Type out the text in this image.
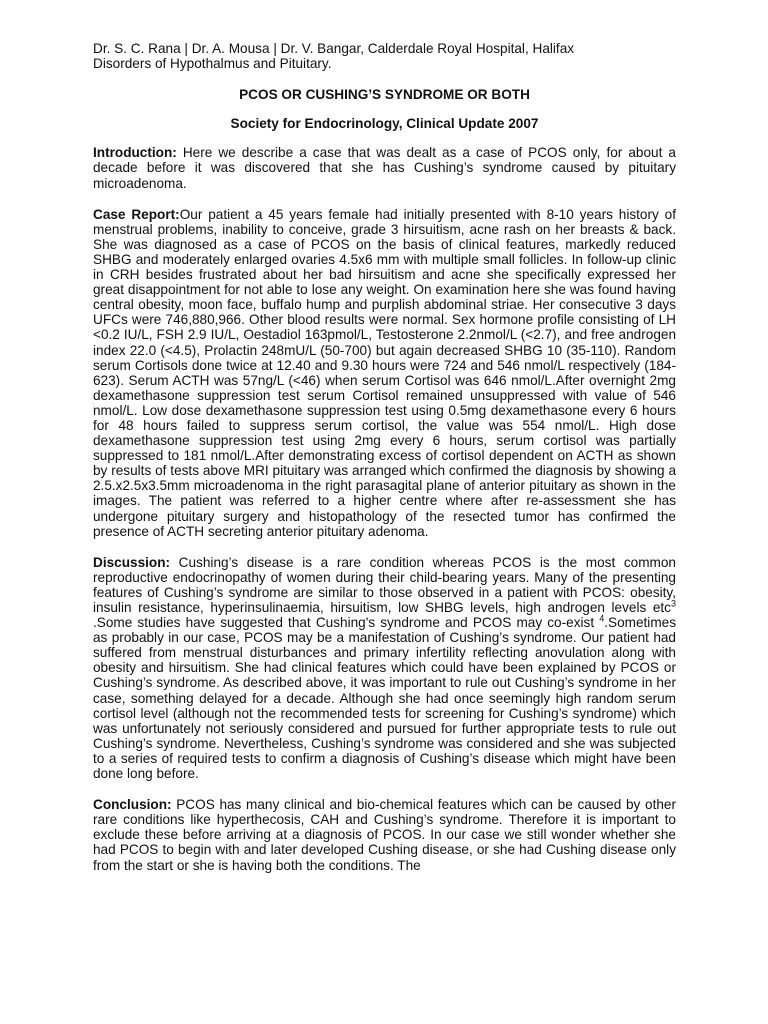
Dr. S. C. Rana | Dr. A. Mousa | Dr. V. Bangar, Calderdale Royal Hospital, Halifax

Disorders of Hypothalmus and Pituitary.

PCOS OR CUSHING’S SYNDROME OR BOTH

Society for Endocrinology, Clinical Update 2007

Introduction: Here we describe a case that was dealt as a case of PCOS only, for about a decade before it was discovered that she has Cushing’s syndrome caused by pituitary microadenoma.

Case Report:Our patient a 45 years female had initially presented with 8-10 years history of menstrual problems, inability to conceive, grade 3 hirsuitism, acne rash on her breasts & back. She was diagnosed as a case of PCOS on the basis of clinical features, markedly reduced SHBG and moderately enlarged ovaries 4.5x6 mm with multiple small follicles. In follow-up clinic in CRH besides frustrated about her bad hirsuitism and acne she specifically expressed her great disappointment for not able to lose any weight. On examination here she was found having central obesity, moon face, buffalo hump and purplish abdominal striae. Her consecutive 3 days UFCs were 746,880,966. Other blood results were normal. Sex hormone profile consisting of LH <0.2 IU/L, FSH 2.9 IU/L, Oestadiol 163pmol/L, Testosterone 2.2nmol/L (<2.7), and free androgen index 22.0 (<4.5), Prolactin 248mU/L (50-700) but again decreased SHBG 10 (35-110). Random serum Cortisols done twice at 12.40 and 9.30 hours were 724 and 546 nmol/L respectively (184-623). Serum ACTH was 57ng/L (<46) when serum Cortisol was 646 nmol/L.After overnight 2mg dexamethasone suppression test serum Cortisol remained unsuppressed with value of 546 nmol/L. Low dose dexamethasone suppression test using 0.5mg dexamethasone every 6 hours for 48 hours failed to suppress serum cortisol, the value was 554 nmol/L. High dose dexamethasone suppression test using 2mg every 6 hours, serum cortisol was partially suppressed to 181 nmol/L.After demonstrating excess of cortisol dependent on ACTH as shown by results of tests above MRI pituitary was arranged which confirmed the diagnosis by showing a 2.5.x2.5x3.5mm microadenoma in the right parasagital plane of anterior pituitary as shown in the images. The patient was referred to a higher centre where after re-assessment she has undergone pituitary surgery and histopathology of the resected tumor has confirmed the presence of ACTH secreting anterior pituitary adenoma.

Discussion: Cushing’s disease is a rare condition whereas PCOS is the most common reproductive endocrinopathy of women during their child-bearing years. Many of the presenting features of Cushing’s syndrome are similar to those observed in a patient with PCOS: obesity, insulin resistance, hyperinsulinaemia, hirsuitism, low SHBG levels, high androgen levels etc$^3$ .Some studies have suggested that Cushing's syndrome and PCOS may co-exist $^4$.Sometimes as probably in our case, PCOS may be a manifestation of Cushing’s syndrome. Our patient had suffered from menstrual disturbances and primary infertility reflecting anovulation along with obesity and hirsuitism. She had clinical features which could have been explained by PCOS or Cushing’s syndrome. As described above, it was important to rule out Cushing’s syndrome in her case, something delayed for a decade. Although she had once seemingly high random serum cortisol level (although not the recommended tests for screening for Cushing’s syndrome) which was unfortunately not seriously considered and pursued for further appropriate tests to rule out Cushing’s syndrome. Nevertheless, Cushing’s syndrome was considered and she was subjected to a series of required tests to confirm a diagnosis of Cushing’s disease which might have been done long before.

Conclusion: PCOS has many clinical and bio-chemical features which can be caused by other rare conditions like hyperthecosis, CAH and Cushing’s syndrome. Therefore it is important to exclude these before arriving at a diagnosis of PCOS. In our case we still wonder whether she had PCOS to begin with and later developed Cushing disease, or she had Cushing disease only from the start or she is having both the conditions. The
